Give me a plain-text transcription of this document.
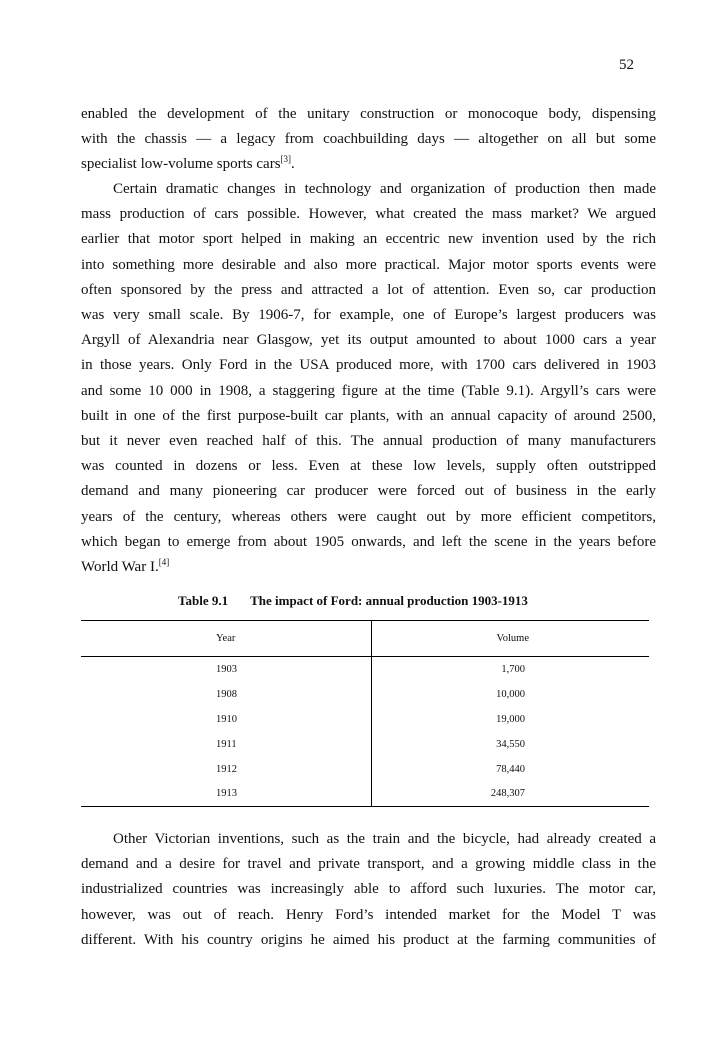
52
enabled the development of the unitary construction or monocoque body, dispensing
with the chassis — a legacy from coachbuilding days — altogether on all but some
specialist low-volume sports cars[3].
Certain dramatic changes in technology and organization of production then made
mass production of cars possible. However, what created the mass market? We argued
earlier that motor sport helped in making an eccentric new invention used by the rich
into something more desirable and also more practical. Major motor sports events were
often sponsored by the press and attracted a lot of attention. Even so, car production
was very small scale. By 1906-7, for example, one of Europe’s largest producers was
Argyll of Alexandria near Glasgow, yet its output amounted to about 1000 cars a year
in those years. Only Ford in the USA produced more, with 1700 cars delivered in 1903
and some 10 000 in 1908, a staggering figure at the time (Table 9.1). Argyll’s cars were
built in one of the first purpose-built car plants, with an annual capacity of around 2500,
but it never even reached half of this. The annual production of many manufacturers
was counted in dozens or less. Even at these low levels, supply often outstripped
demand and many pioneering car producer were forced out of business in the early
years of the century, whereas others were caught out by more efficient competitors,
which began to emerge from about 1905 onwards, and left the scene in the years before
World War I.[4]
Table 9.1 The impact of Ford: annual production 1903-1913
Year	Volume
1903	1,700
1908	10,000
1910	19,000
1911	34,550
1912	78,440
1913	248,307
Other Victorian inventions, such as the train and the bicycle, had already created a
demand and a desire for travel and private transport, and a growing middle class in the
industrialized countries was increasingly able to afford such luxuries. The motor car,
however, was out of reach. Henry Ford’s intended market for the Model T was
different. With his country origins he aimed his product at the farming communities of
